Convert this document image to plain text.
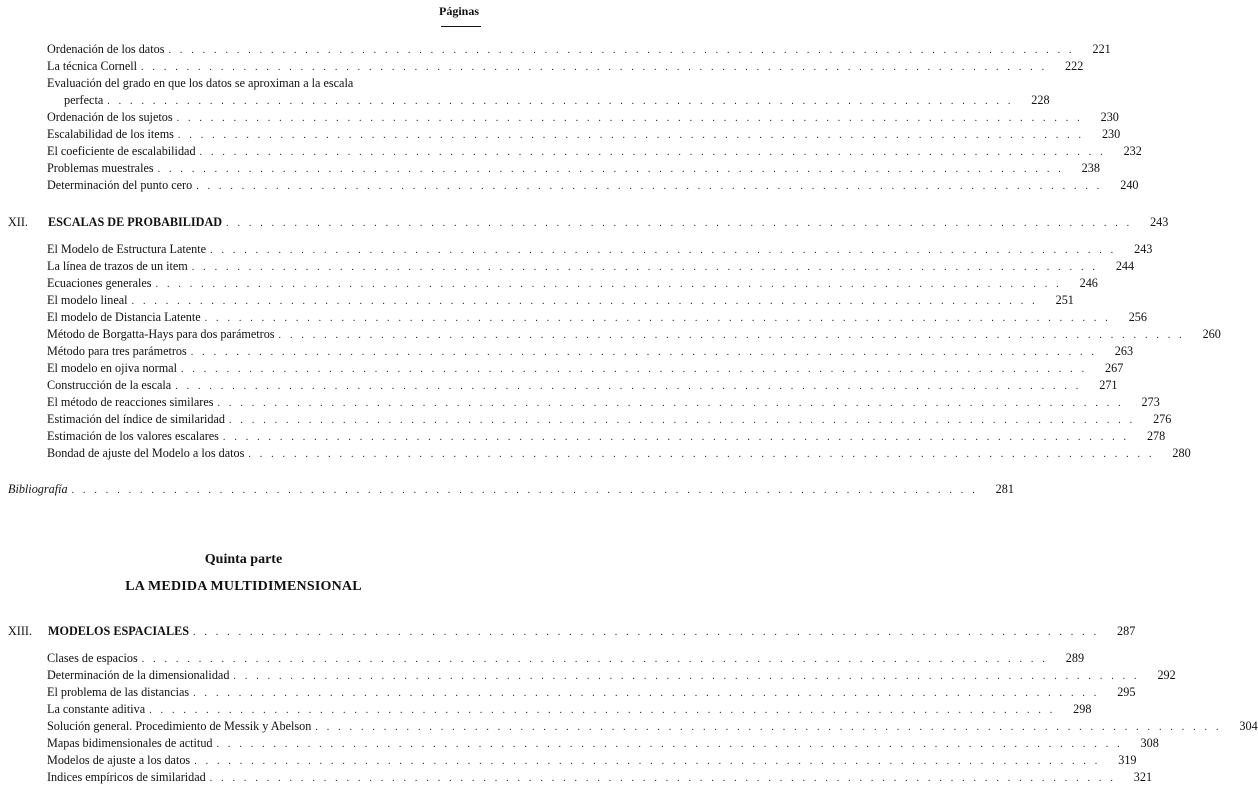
Páginas
Ordenación de los datos . . . . . . . . . . . . . . . . . . . . . . . . . . . . . . . . . . . . . . . . . . . . . . . . . . . . . . . . . . . . . . . . . . . . . . . . . . . . . . . .	221
La técnica Cornell . . . . . . . . . . . . . . . . . . . . . . . . . . . . . . . . . . . . . . . . . . . . . . . . . . . . . . . . . . . . . . . . . . . . . . . . . . . . . . . .	222
Evaluación del grado en que los datos se aproximan a la escala
perfecta . . . . . . . . . . . . . . . . . . . . . . . . . . . . . . . . . . . . . . . . . . . . . . . . . . . . . . . . . . . . . . . . . . . . . . . . . . . . . . . .	228
Ordenación de los sujetos . . . . . . . . . . . . . . . . . . . . . . . . . . . . . . . . . . . . . . . . . . . . . . . . . . . . . . . . . . . . . . . . . . . . . . . . . . . . . . . .	230
Escalabilidad de los items . . . . . . . . . . . . . . . . . . . . . . . . . . . . . . . . . . . . . . . . . . . . . . . . . . . . . . . . . . . . . . . . . . . . . . . . . . . . . . . .	230
El coeficiente de escalabilidad . . . . . . . . . . . . . . . . . . . . . . . . . . . . . . . . . . . . . . . . . . . . . . . . . . . . . . . . . . . . . . . . . . . . . . . . . . . . . . . .	232
Problemas muestrales . . . . . . . . . . . . . . . . . . . . . . . . . . . . . . . . . . . . . . . . . . . . . . . . . . . . . . . . . . . . . . . . . . . . . . . . . . . . . . . .	238
Determinación del punto cero . . . . . . . . . . . . . . . . . . . . . . . . . . . . . . . . . . . . . . . . . . . . . . . . . . . . . . . . . . . . . . . . . . . . . . . . . . . . . . . .	240
XII. ESCALAS DE PROBABILIDAD . . . . . . . . . . . . . . . . . . . . . . . . . . . . . . . . . . . . . . . . . . . . . . . . . . . . . . . . . . . . . . . . . . . . . . . . . . . . . . . .	243
El Modelo de Estructura Latente . . . . . . . . . . . . . . . . . . . . . . . . . . . . . . . . . . . . . . . . . . . . . . . . . . . . . . . . . . . . . . . . . . . . . . . . . . . . . . . .	243
La línea de trazos de un item . . . . . . . . . . . . . . . . . . . . . . . . . . . . . . . . . . . . . . . . . . . . . . . . . . . . . . . . . . . . . . . . . . . . . . . . . . . . . . . .	244
Ecuaciones generales . . . . . . . . . . . . . . . . . . . . . . . . . . . . . . . . . . . . . . . . . . . . . . . . . . . . . . . . . . . . . . . . . . . . . . . . . . . . . . . .	246
El modelo lineal . . . . . . . . . . . . . . . . . . . . . . . . . . . . . . . . . . . . . . . . . . . . . . . . . . . . . . . . . . . . . . . . . . . . . . . . . . . . . . . .	251
El modelo de Distancia Latente . . . . . . . . . . . . . . . . . . . . . . . . . . . . . . . . . . . . . . . . . . . . . . . . . . . . . . . . . . . . . . . . . . . . . . . . . . . . . . . .	256
Método de Borgatta-Hays para dos parámetros . . . . . . . . . . . . . . . . . . . . . . . . . . . . . . . . . . . . . . . . . . . . . . . . . . . . . . . . . . . . . . . . . . . . . . . . . . . . . . . .	260
Método para tres parámetros . . . . . . . . . . . . . . . . . . . . . . . . . . . . . . . . . . . . . . . . . . . . . . . . . . . . . . . . . . . . . . . . . . . . . . . . . . . . . . . .	263
El modelo en ojiva normal . . . . . . . . . . . . . . . . . . . . . . . . . . . . . . . . . . . . . . . . . . . . . . . . . . . . . . . . . . . . . . . . . . . . . . . . . . . . . . . .	267
Construcción de la escala . . . . . . . . . . . . . . . . . . . . . . . . . . . . . . . . . . . . . . . . . . . . . . . . . . . . . . . . . . . . . . . . . . . . . . . . . . . . . . . .	271
El método de reacciones similares . . . . . . . . . . . . . . . . . . . . . . . . . . . . . . . . . . . . . . . . . . . . . . . . . . . . . . . . . . . . . . . . . . . . . . . . . . . . . . . .	273
Estimación del índice de similaridad . . . . . . . . . . . . . . . . . . . . . . . . . . . . . . . . . . . . . . . . . . . . . . . . . . . . . . . . . . . . . . . . . . . . . . . . . . . . . . . .	276
Estimación de los valores escalares . . . . . . . . . . . . . . . . . . . . . . . . . . . . . . . . . . . . . . . . . . . . . . . . . . . . . . . . . . . . . . . . . . . . . . . . . . . . . . . .	278
Bondad de ajuste del Modelo a los datos . . . . . . . . . . . . . . . . . . . . . . . . . . . . . . . . . . . . . . . . . . . . . . . . . . . . . . . . . . . . . . . . . . . . . . . . . . . . . . . .	280
Bibliografía . . . . . . . . . . . . . . . . . . . . . . . . . . . . . . . . . . . . . . . . . . . . . . . . . . . . . . . . . . . . . . . . . . . . . . . . . . . . . . . .	281
Quinta parte
LA MEDIDA MULTIDIMENSIONAL
XIII. MODELOS ESPACIALES . . . . . . . . . . . . . . . . . . . . . . . . . . . . . . . . . . . . . . . . . . . . . . . . . . . . . . . . . . . . . . . . . . . . . . . . . . . . . . . .	287
Clases de espacios . . . . . . . . . . . . . . . . . . . . . . . . . . . . . . . . . . . . . . . . . . . . . . . . . . . . . . . . . . . . . . . . . . . . . . . . . . . . . . . .	289
Determinación de la dimensionalidad . . . . . . . . . . . . . . . . . . . . . . . . . . . . . . . . . . . . . . . . . . . . . . . . . . . . . . . . . . . . . . . . . . . . . . . . . . . . . . . .	292
El problema de las distancias . . . . . . . . . . . . . . . . . . . . . . . . . . . . . . . . . . . . . . . . . . . . . . . . . . . . . . . . . . . . . . . . . . . . . . . . . . . . . . . .	295
La constante aditiva . . . . . . . . . . . . . . . . . . . . . . . . . . . . . . . . . . . . . . . . . . . . . . . . . . . . . . . . . . . . . . . . . . . . . . . . . . . . . . . .	298
Solución general. Procedimiento de Messik y Abelson . . . . . . . . . . . . . . . . . . . . . . . . . . . . . . . . . . . . . . . . . . . . . . . . . . . . . . . . . . . . . . . . . . . . . . . . . . . . . . . .	304
Mapas bidimensionales de actitud . . . . . . . . . . . . . . . . . . . . . . . . . . . . . . . . . . . . . . . . . . . . . . . . . . . . . . . . . . . . . . . . . . . . . . . . . . . . . . . .	308
Modelos de ajuste a los datos . . . . . . . . . . . . . . . . . . . . . . . . . . . . . . . . . . . . . . . . . . . . . . . . . . . . . . . . . . . . . . . . . . . . . . . . . . . . . . . .	319
Indices empíricos de similaridad . . . . . . . . . . . . . . . . . . . . . . . . . . . . . . . . . . . . . . . . . . . . . . . . . . . . . . . . . . . . . . . . . . . . . . . . . . . . . . . .	321
